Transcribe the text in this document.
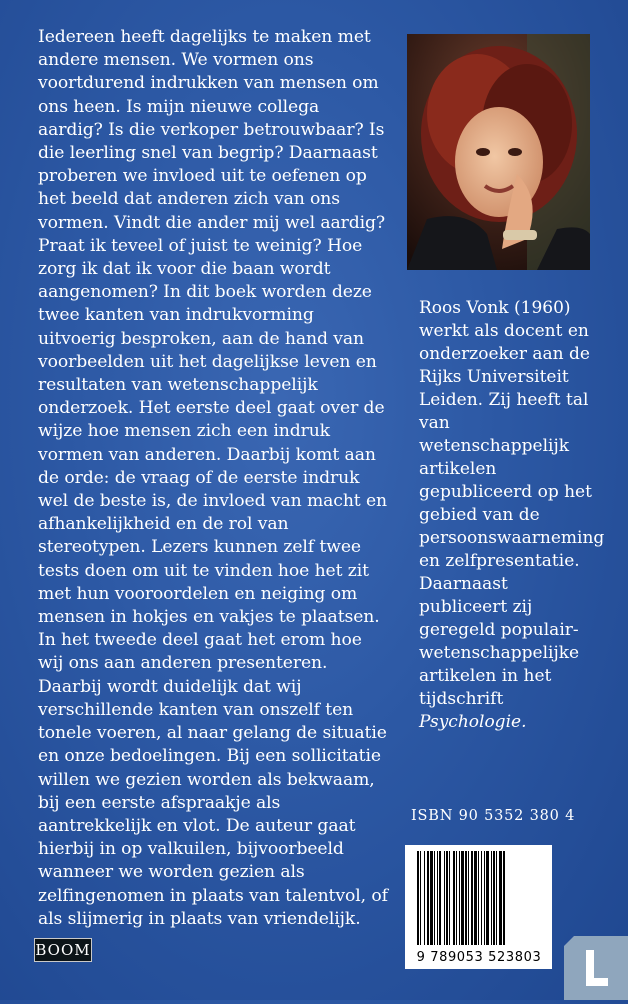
Iedereen heeft dagelijks te maken met andere mensen. We vormen ons voortdurend indrukken van mensen om ons heen. Is mijn nieuwe collega aardig? Is die verkoper betrouwbaar? Is die leerling snel van begrip? Daarnaast proberen we invloed uit te oefenen op het beeld dat anderen zich van ons vormen. Vindt die ander mij wel aardig? Praat ik teveel of juist te weinig? Hoe zorg ik dat ik voor die baan wordt aangenomen? In dit boek worden deze twee kanten van indrukvorming uitvoerig besproken, aan de hand van voorbeelden uit het dagelijkse leven en resultaten van wetenschappelijk onderzoek. Het eerste deel gaat over de wijze hoe mensen zich een indruk vormen van anderen. Daarbij komt aan de orde: de vraag of de eerste indruk wel de beste is, de invloed van macht en afhankelijkheid en de rol van stereotypen. Lezers kunnen zelf twee tests doen om uit te vinden hoe het zit met hun vooroordelen en neiging om mensen in hokjes en vakjes te plaatsen.

In het tweede deel gaat het erom hoe wij ons aan anderen presenteren. Daarbij wordt duidelijk dat wij verschillende kanten van onszelf ten tonele voeren, al naar gelang de situatie en onze bedoelingen. Bij een sollicitatie willen we gezien worden als bekwaam, bij een eerste afspraakje als aantrekkelijk en vlot. De auteur gaat hierbij in op valkuilen, bijvoorbeeld wanneer we worden gezien als zelfingenomen in plaats van talentvol, of als slijmerig in plaats van vriendelijk.

Roos Vonk (1960) werkt als docent en onderzoeker aan de Rijks Universiteit Leiden. Zij heeft tal van wetenschappelijk artikelen gepubliceerd op het gebied van de persoonswaarneming en zelfpresentatie. Daarnaast publiceert zij geregeld populair-wetenschappelijke artikelen in het tijdschrift Psychologie.

ISBN 90 5352 380 4
9 789053 523803
BOOM
